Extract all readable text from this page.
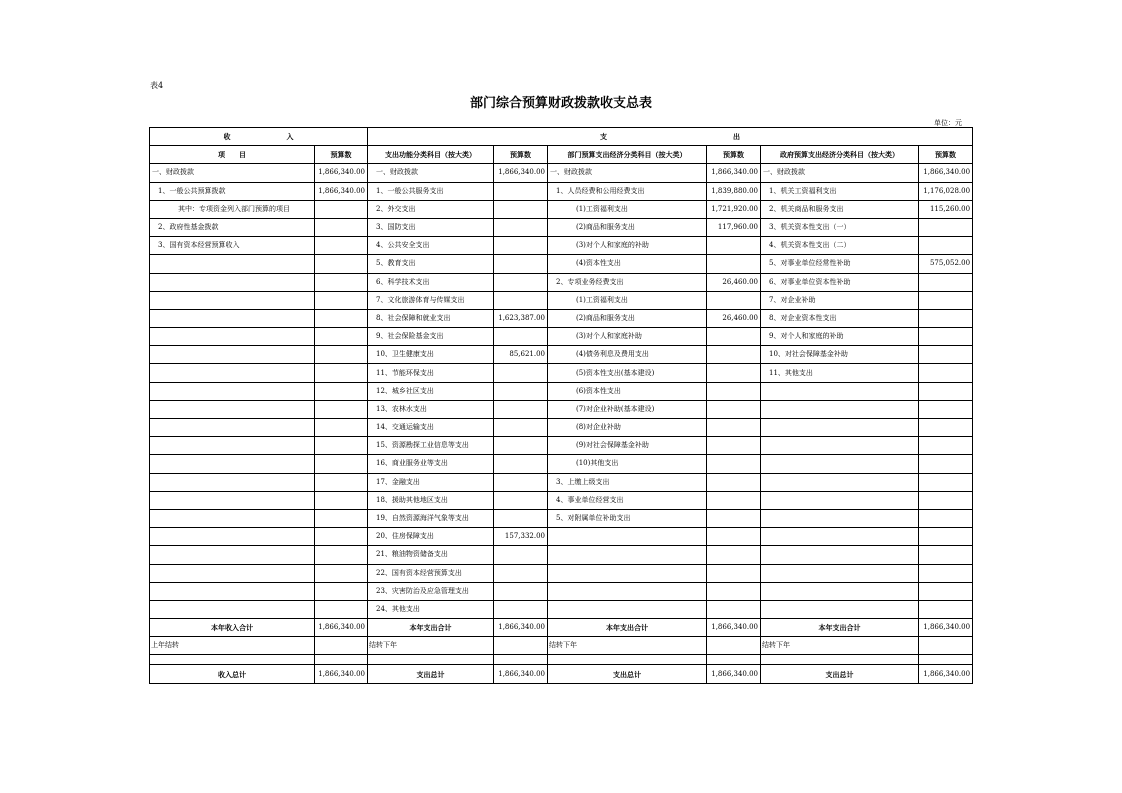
表4
部门综合预算财政拨款收支总表
单位：元
收　　　　　　　　入		支　　　　　　　　　　　　　　　　　　出					
项　　目	预算数	支出功能分类科目（按大类）	预算数	部门预算支出经济分类科目（按大类）	预算数	政府预算支出经济分类科目（按大类）	预算数
一、财政拨款	1,866,340.00	一、财政拨款	1,866,340.00	一、财政拨款	1,866,340.00	一、财政拨款	1,866,340.00
1、一般公共预算拨款	1,866,340.00	1、一般公共服务支出		1、人员经费和公用经费支出	1,839,880.00	1、机关工资福利支出	1,176,028.00
其中：专项资金列入部门预算的项目		2、外交支出		(1)工资福利支出	1,721,920.00	2、机关商品和服务支出	115,260.00
2、政府性基金拨款		3、国防支出		(2)商品和服务支出	117,960.00	3、机关资本性支出（一）	
3、国有资本经营预算收入		4、公共安全支出		(3)对个人和家庭的补助		4、机关资本性支出（二）	
		5、教育支出		(4)资本性支出		5、对事业单位经常性补助	575,052.00
		6、科学技术支出		2、专项业务经费支出	26,460.00	6、对事业单位资本性补助	
		7、文化旅游体育与传媒支出		(1)工资福利支出		7、对企业补助	
		8、社会保障和就业支出	1,623,387.00	(2)商品和服务支出	26,460.00	8、对企业资本性支出	
		9、社会保险基金支出		(3)对个人和家庭补助		9、对个人和家庭的补助	
		10、卫生健康支出	85,621.00	(4)债务利息及费用支出		10、对社会保障基金补助	
		11、节能环保支出		(5)资本性支出(基本建设)		11、其他支出	
		12、城乡社区支出		(6)资本性支出			
		13、农林水支出		(7)对企业补助(基本建设)			
		14、交通运输支出		(8)对企业补助			
		15、资源勘探工业信息等支出		(9)对社会保障基金补助			
		16、商业服务业等支出		(10)其他支出			
		17、金融支出		3、上缴上级支出			
		18、援助其他地区支出		4、事业单位经营支出			
		19、自然资源海洋气象等支出		5、对附属单位补助支出			
		20、住房保障支出	157,332.00				
		21、粮油物资储备支出					
		22、国有资本经营预算支出					
		23、灾害防治及应急管理支出					
		24、其他支出					
本年收入合计	1,866,340.00	本年支出合计	1,866,340.00	本年支出合计	1,866,340.00	本年支出合计	1,866,340.00
上年结转		结转下年		结转下年		结转下年	

收入总计	1,866,340.00	支出总计	1,866,340.00	支出总计	1,866,340.00	支出总计	1,866,340.00
